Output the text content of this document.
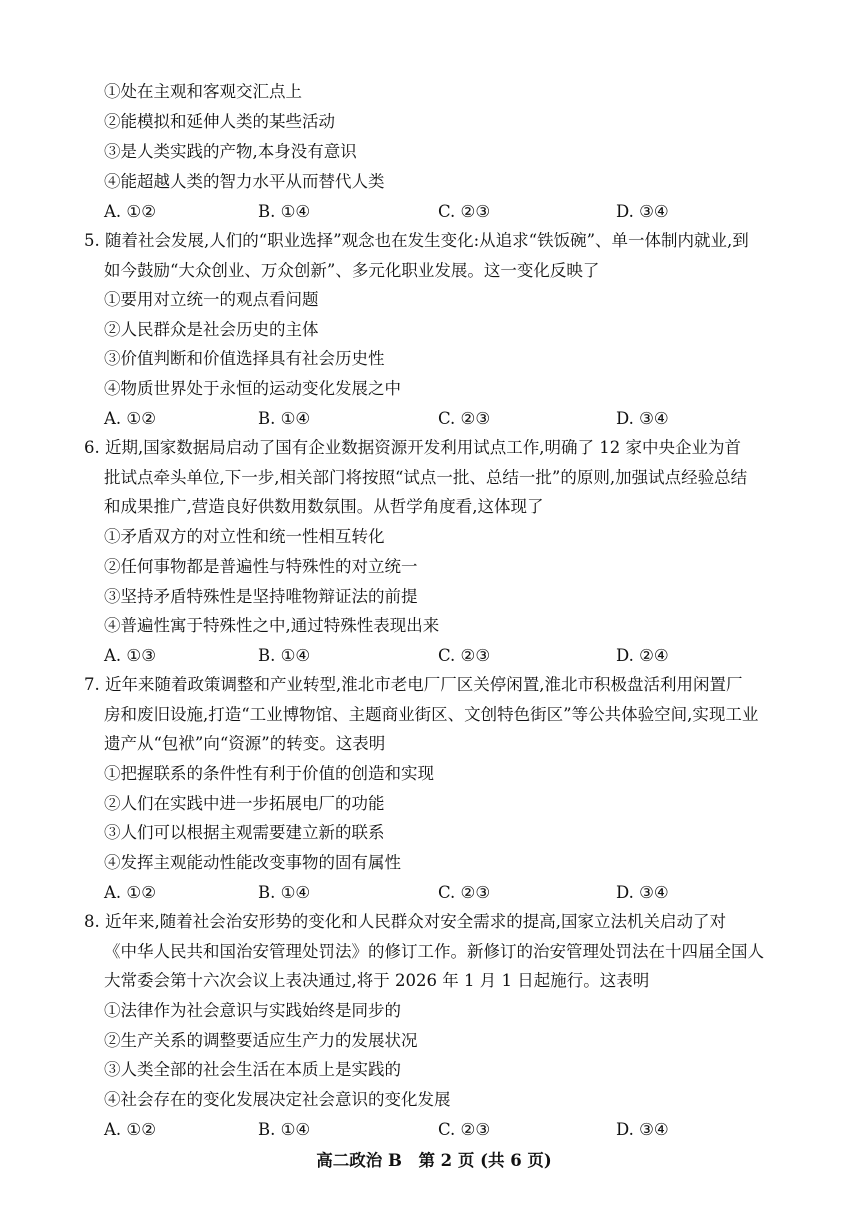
①处在主观和客观交汇点上
②能模拟和延伸人类的某些活动
③是人类实践的产物,本身没有意识
④能超越人类的智力水平从而替代人类
A. ①②	B. ①④	C. ②③	D. ③④
5. 随着社会发展,人们的“职业选择”观念也在发生变化:从追求“铁饭碗”、单一体制内就业,到
如今鼓励“大众创业、万众创新”、多元化职业发展。这一变化反映了
①要用对立统一的观点看问题
②人民群众是社会历史的主体
③价值判断和价值选择具有社会历史性
④物质世界处于永恒的运动变化发展之中
A. ①②	B. ①④	C. ②③	D. ③④
6. 近期,国家数据局启动了国有企业数据资源开发利用试点工作,明确了 12 家中央企业为首
批试点牵头单位,下一步,相关部门将按照“试点一批、总结一批”的原则,加强试点经验总结
和成果推广,营造良好供数用数氛围。从哲学角度看,这体现了
①矛盾双方的对立性和统一性相互转化
②任何事物都是普遍性与特殊性的对立统一
③坚持矛盾特殊性是坚持唯物辩证法的前提
④普遍性寓于特殊性之中,通过特殊性表现出来
A. ①③	B. ①④	C. ②③	D. ②④
7. 近年来随着政策调整和产业转型,淮北市老电厂厂区关停闲置,淮北市积极盘活利用闲置厂
房和废旧设施,打造“工业博物馆、主题商业街区、文创特色街区”等公共体验空间,实现工业
遗产从“包袱”向“资源”的转变。这表明
①把握联系的条件性有利于价值的创造和实现
②人们在实践中进一步拓展电厂的功能
③人们可以根据主观需要建立新的联系
④发挥主观能动性能改变事物的固有属性
A. ①②	B. ①④	C. ②③	D. ③④
8. 近年来,随着社会治安形势的变化和人民群众对安全需求的提高,国家立法机关启动了对
《中华人民共和国治安管理处罚法》的修订工作。新修订的治安管理处罚法在十四届全国人
大常委会第十六次会议上表决通过,将于 2026 年 1 月 1 日起施行。这表明
①法律作为社会意识与实践始终是同步的
②生产关系的调整要适应生产力的发展状况
③人类全部的社会生活在本质上是实践的
④社会存在的变化发展决定社会意识的变化发展
A. ①②	B. ①④	C. ②③	D. ③④
高二政治 B　第 2 页 (共 6 页)
